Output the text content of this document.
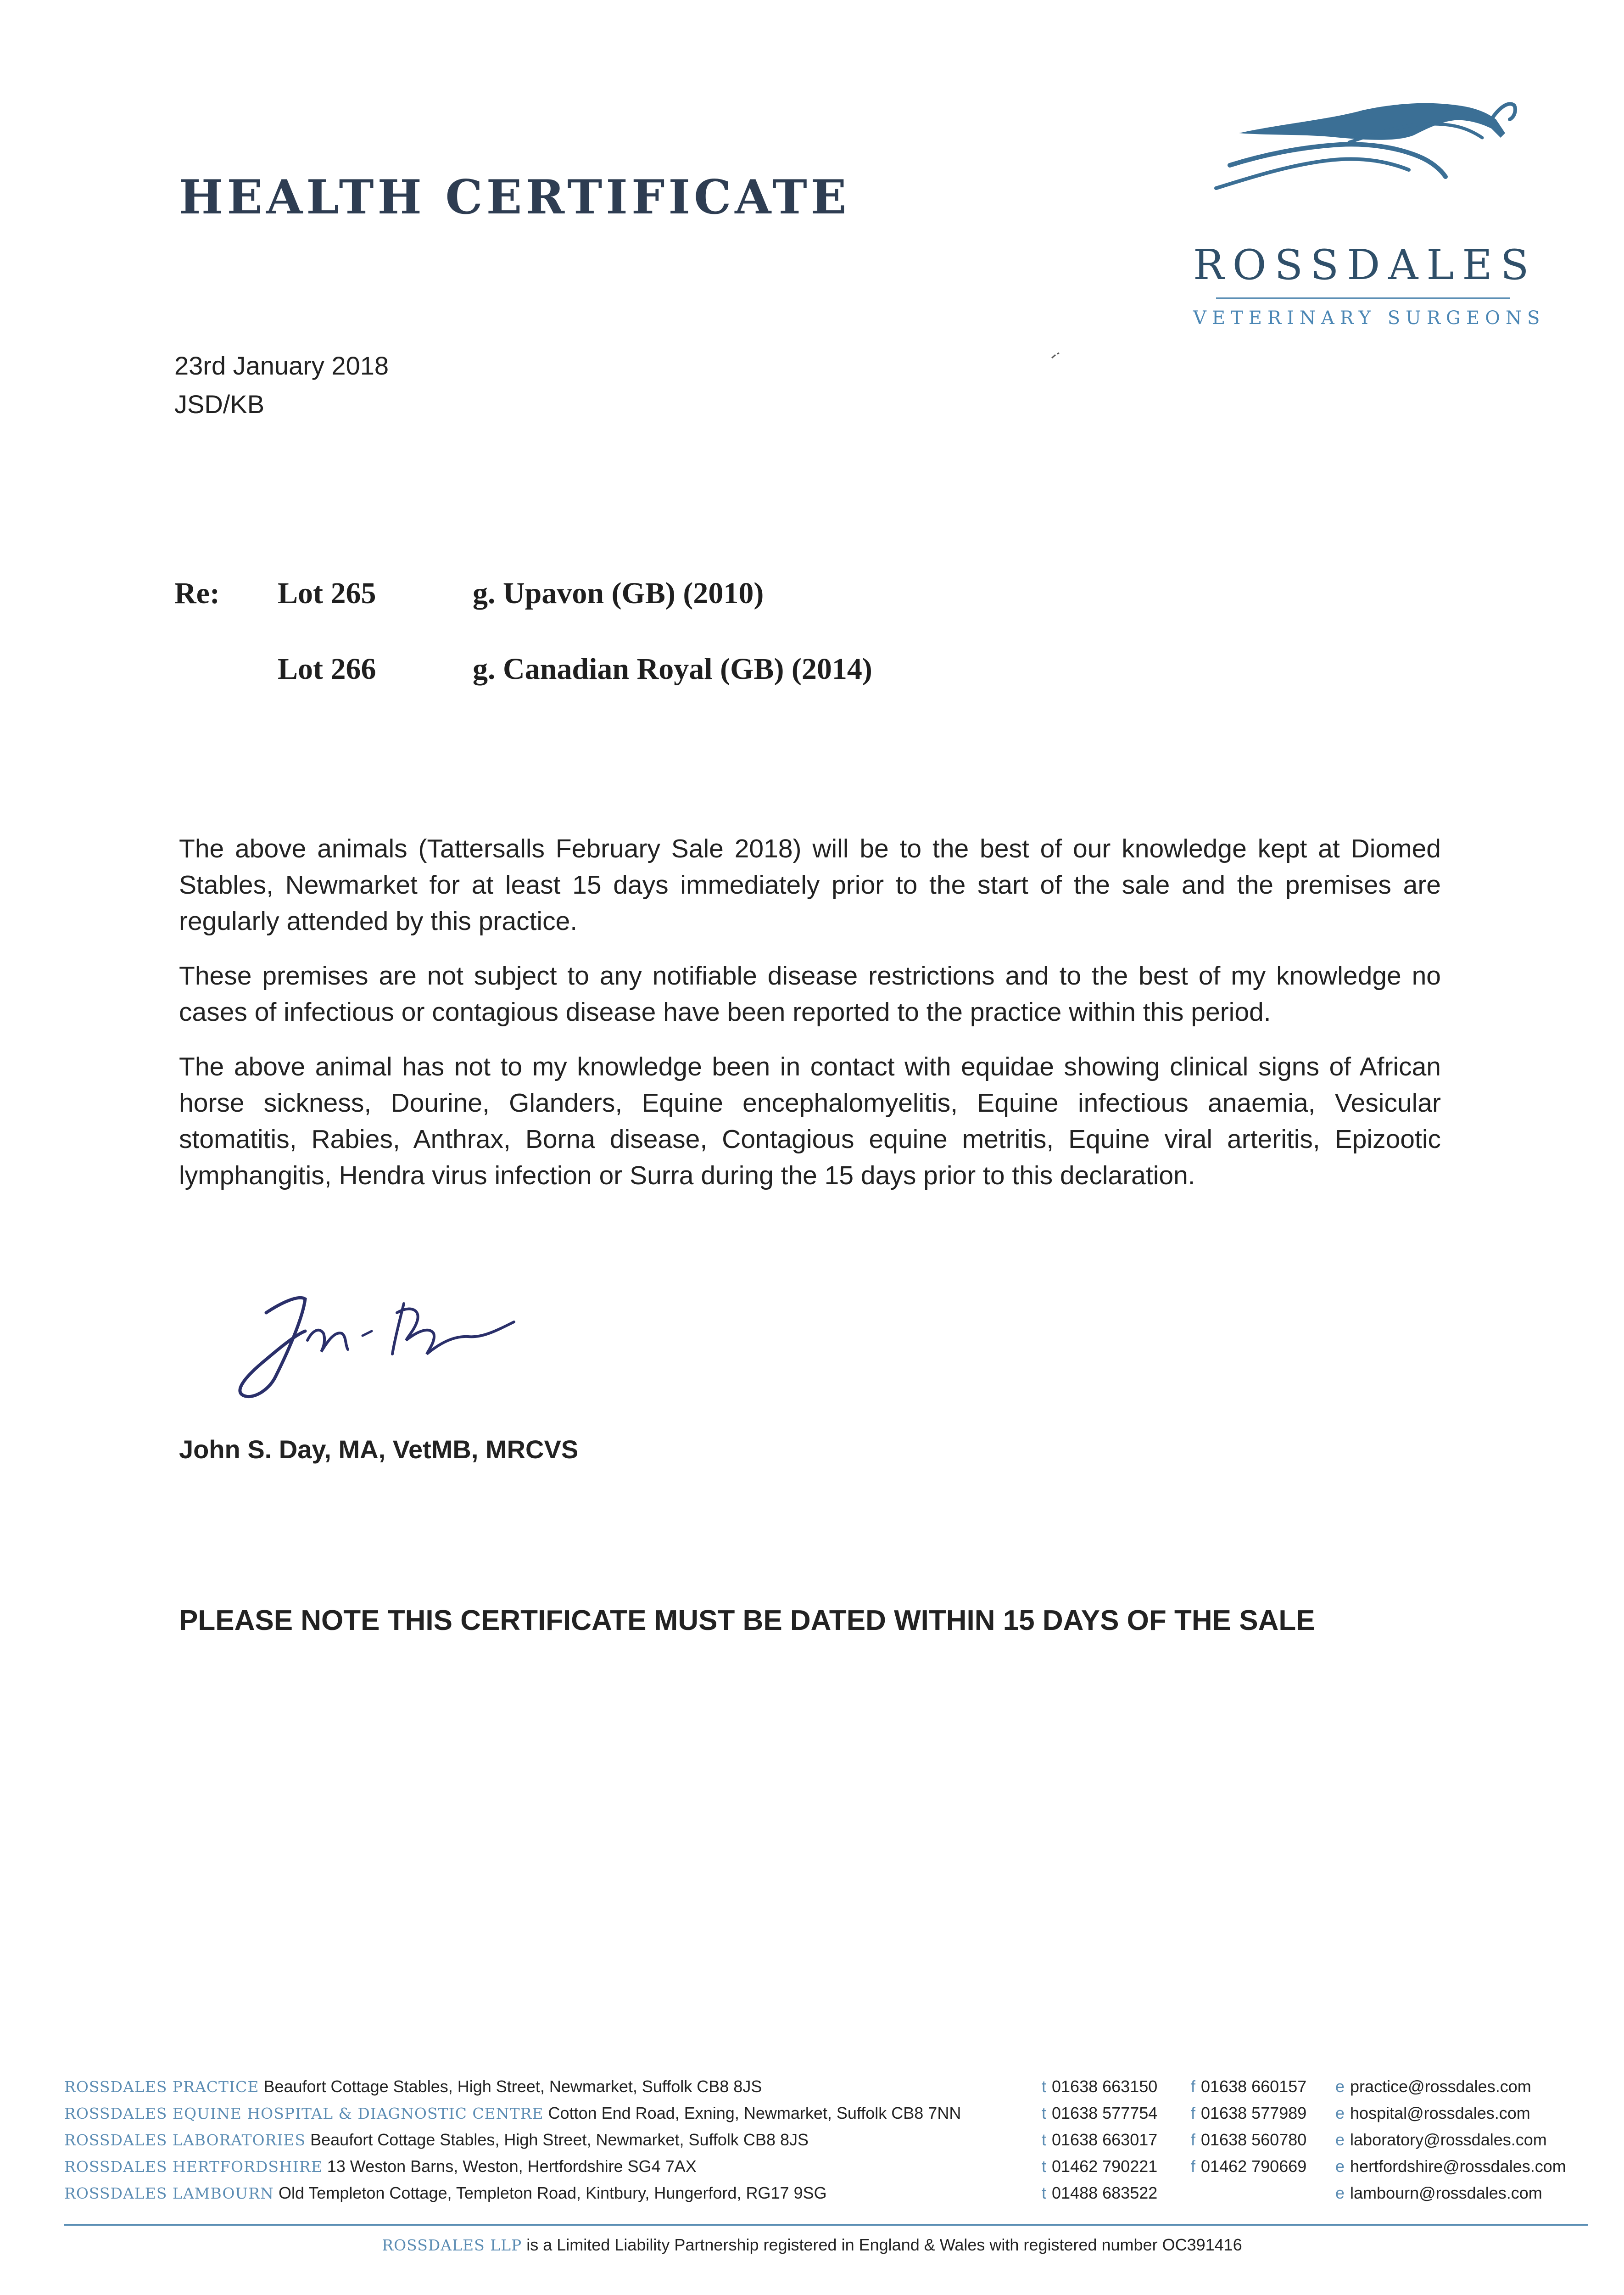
HEALTH CERTIFICATE
ROSSDALES
VETERINARY SURGEONS
23rd January 2018
JSD/KB
Re: Lot 265	g. Upavon (GB) (2010)
Lot 266	g. Canadian Royal (GB) (2014)

The above animals (Tattersalls February Sale 2018) will be to the best of our knowledge kept at Diomed Stables, Newmarket for at least 15 days immediately prior to the start of the sale and the premises are regularly attended by this practice.

These premises are not subject to any notifiable disease restrictions and to the best of my knowledge no cases of infectious or contagious disease have been reported to the practice within this period.

The above animal has not to my knowledge been in contact with equidae showing clinical signs of African horse sickness, Dourine, Glanders, Equine encephalomyelitis, Equine infectious anaemia, Vesicular stomatitis, Rabies, Anthrax, Borna disease, Contagious equine metritis, Equine viral arteritis, Epizootic lymphangitis, Hendra virus infection or Surra during the 15 days prior to this declaration.

John S. Day, MA, VetMB, MRCVS
PLEASE NOTE THIS CERTIFICATE MUST BE DATED WITHIN 15 DAYS OF THE SALE
ROSSDALES PRACTICE Beaufort Cottage Stables, High Street, Newmarket, Suffolk CB8 8JS	t 01638 663150 f 01638 660157 e practice@rossdales.com
ROSSDALES EQUINE HOSPITAL & DIAGNOSTIC CENTRE Cotton End Road, Exning, Newmarket, Suffolk CB8 7NN	t 01638 577754 f 01638 577989 e hospital@rossdales.com
ROSSDALES LABORATORIES Beaufort Cottage Stables, High Street, Newmarket, Suffolk CB8 8JS	t 01638 663017 f 01638 560780 e laboratory@rossdales.com
ROSSDALES HERTFORDSHIRE 13 Weston Barns, Weston, Hertfordshire SG4 7AX	t 01462 790221 f 01462 790669 e hertfordshire@rossdales.com
ROSSDALES LAMBOURN Old Templeton Cottage, Templeton Road, Kintbury, Hungerford, RG17 9SG	t 01488 683522	e lambourn@rossdales.com
ROSSDALES LLP is a Limited Liability Partnership registered in England & Wales with registered number OC391416
